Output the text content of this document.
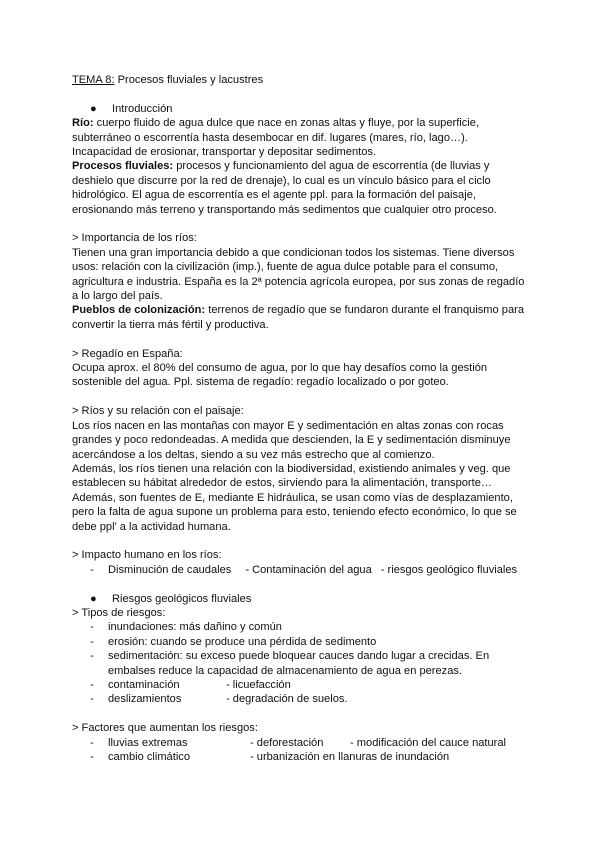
TEMA 8: Procesos fluviales y lacustres

●	Introducción

Río: cuerpo fluido de agua dulce que nace en zonas altas y fluye, por la superficie,

subterráneo o escorrentía hasta desembocar en dif. lugares (mares, río, lago…).

Incapacidad de erosionar, transportar y depositar sedimentos.

Procesos fluviales: procesos y funcionamiento del agua de escorrentía (de lluvias y

deshielo que discurre por la red de drenaje), lo cual es un vínculo básico para el ciclo

hidrológico. El agua de escorrentía es el agente ppl. para la formación del paisaje,

erosionando más terreno y transportando más sedimentos que cualquier otro proceso.

> Importancia de los ríos:

Tienen una gran importancia debido a que condicionan todos los sistemas. Tiene diversos

usos: relación con la civilización (imp.), fuente de agua dulce potable para el consumo,

agricultura e industria. España es la 2ª potencia agrícola europea, por sus zonas de regadío

a lo largo del país.

Pueblos de colonización: terrenos de regadío que se fundaron durante el franquismo para

convertir la tierra más fértil y productiva.

> Regadío en España:

Ocupa aprox. el 80% del consumo de agua, por lo que hay desafíos como la gestión

sostenible del agua. Ppl. sistema de regadío: regadío localizado o por goteo.

> Ríos y su relación con el paisaje:

Los ríos nacen en las montañas con mayor E y sedimentación en altas zonas con rocas

grandes y poco redondeadas. A medida que descienden, la E y sedimentación disminuye

acercándose a los deltas, siendo a su vez más estrecho que al comienzo.

Además, los ríos tienen una relación con la biodiversidad, existiendo animales y veg. que

establecen su hábitat alrededor de estos, sirviendo para la alimentación, transporte…

Además, son fuentes de E, mediante E hidráulica, se usan como vías de desplazamiento,

pero la falta de agua supone un problema para esto, teniendo efecto económico, lo que se

debe ppl' a la actividad humana.

> Impacto humano en los ríos:

-	Disminución de caudales - Contaminación del agua - riesgos geológico fluviales
●	Riesgos geológicos fluviales

> Tipos de riesgos:

-	inundaciones: más dañino y común
-	erosión: cuando se produce una pérdida de sedimento
-	sedimentación: su exceso puede bloquear cauces dando lugar a crecidas. En
embalses reduce la capacidad de almacenamiento de agua en perezas.
-	contaminación	- licuefacción
-	deslizamientos	- degradación de suelos.

> Factores que aumentan los riesgos:

-	lluvias extremas	- deforestación	- modificación del cauce natural
-	cambio climático	- urbanización en llanuras de inundación
